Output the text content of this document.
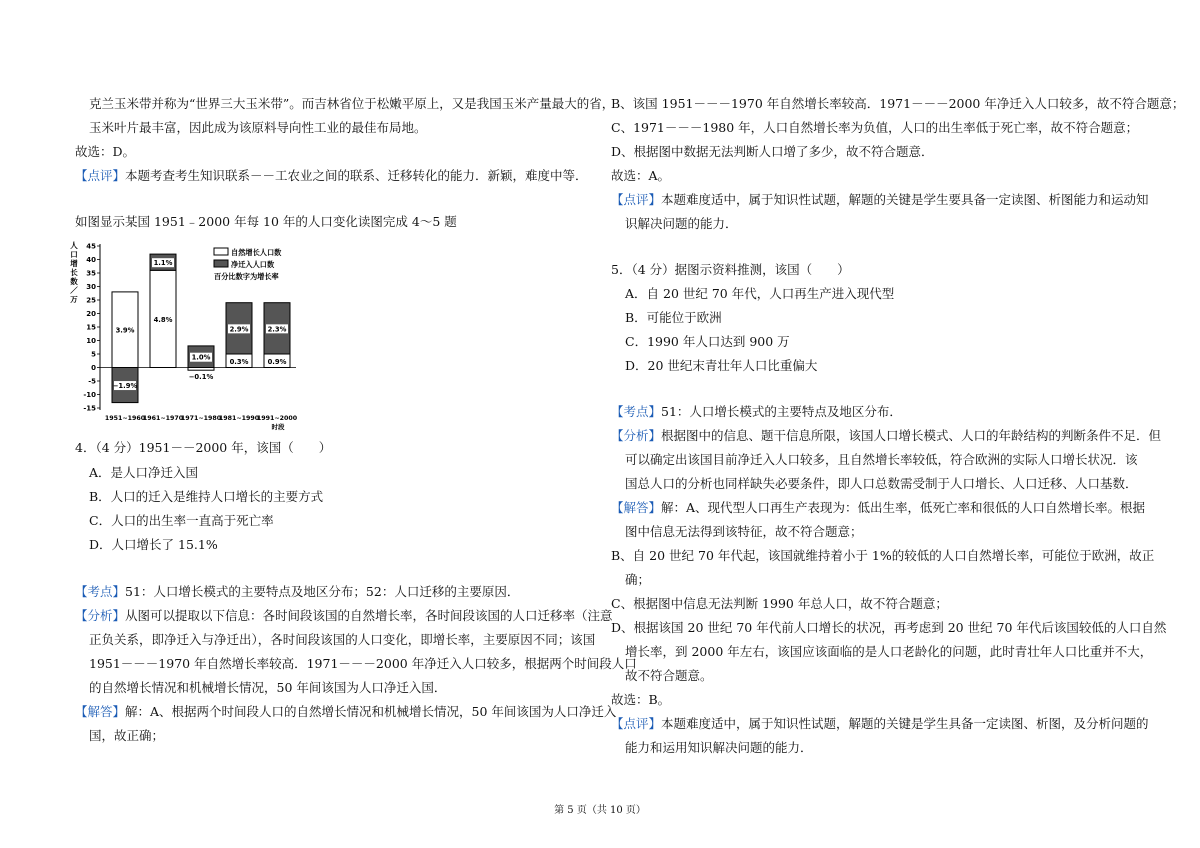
克兰玉米带并称为“世界三大玉米带”。而吉林省位于松嫩平原上，又是我国玉米产量最大的省，
玉米叶片最丰富，因此成为该原料导向性工业的最佳布局地。
故选：D。
【点评】本题考查考生知识联系－－工农业之间的联系、迁移转化的能力．新颖，难度中等．
如图显示某国 1951﹣2000 年每 10 年的人口变化读图完成 4～5 题
人
口
增
长
数
／
万
-15
-10
-5
0
5
10
15
20
25
30
35
40
45
1951~1960
1961~1970
1971~1980
1981~1990
1991~2000
时段
3.9%
−1.9%
4.8%
1.1%
−0.1%
1.0%
0.3%
2.9%
0.9%
2.3%
自然增长人口数
净迁入人口数
百分比数字为增长率
4．（4 分）1951－－2000 年，该国（　　）
A．是人口净迁入国
B．人口的迁入是维持人口增长的主要方式
C．人口的出生率一直高于死亡率
D．人口增长了 15.1%
【考点】51：人口增长模式的主要特点及地区分布；52：人口迁移的主要原因．
【分析】从图可以提取以下信息：各时间段该国的自然增长率，各时间段该国的人口迁移率（注意
正负关系，即净迁入与净迁出），各时间段该国的人口变化，即增长率，主要原因不同；该国
1951－－－1970 年自然增长率较高．1971－－－2000 年净迁入人口较多，根据两个时间段人口
的自然增长情况和机械增长情况，50 年间该国为人口净迁入国．
【解答】解：A、根据两个时间段人口的自然增长情况和机械增长情况，50 年间该国为人口净迁入
国，故正确；
B、该国 1951－－－1970 年自然增长率较高．1971－－－2000 年净迁入人口较多，故不符合题意；
C、1971－－－1980 年，人口自然增长率为负值，人口的出生率低于死亡率，故不符合题意；
D、根据图中数据无法判断人口增了多少，故不符合题意．
故选：A。
【点评】本题难度适中，属于知识性试题，解题的关键是学生要具备一定读图、析图能力和运动知
识解决问题的能力．
5．（4 分）据图示资料推测，该国（　　）
A．自 20 世纪 70 年代，人口再生产进入现代型
B．可能位于欧洲
C．1990 年人口达到 900 万
D．20 世纪末青壮年人口比重偏大
【考点】51：人口增长模式的主要特点及地区分布．
【分析】根据图中的信息、题干信息所限，该国人口增长模式、人口的年龄结构的判断条件不足．但
可以确定出该国目前净迁入人口较多，且自然增长率较低，符合欧洲的实际人口增长状况．该
国总人口的分析也同样缺失必要条件，即人口总数需受制于人口增长、人口迁移、人口基数．
【解答】解：A、现代型人口再生产表现为：低出生率，低死亡率和很低的人口自然增长率。根据
图中信息无法得到该特征，故不符合题意；
B、自 20 世纪 70 年代起，该国就维持着小于 1%的较低的人口自然增长率，可能位于欧洲，故正
确；
C、根据图中信息无法判断 1990 年总人口，故不符合题意；
D、根据该国 20 世纪 70 年代前人口增长的状况，再考虑到 20 世纪 70 年代后该国较低的人口自然
增长率，到 2000 年左右，该国应该面临的是人口老龄化的问题，此时青壮年人口比重并不大，
故不符合题意。
故选：B。
【点评】本题难度适中，属于知识性试题，解题的关键是学生具备一定读图、析图，及分析问题的
能力和运用知识解决问题的能力．
第 5 页（共 10 页）
